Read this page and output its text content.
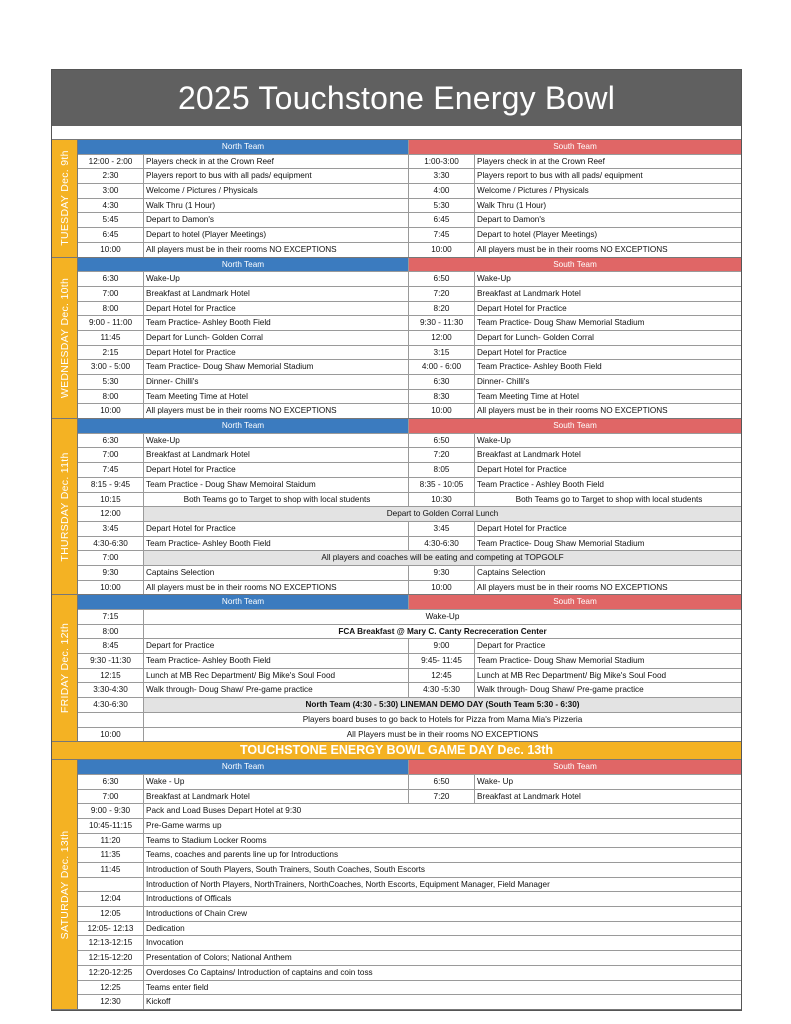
2025 Touchstone Energy Bowl
TUESDAY Dec. 9th
North Team	South Team
12:00 - 2:00	Players check in at the Crown Reef	1:00-3:00	Players check in at the Crown Reef
2:30	Players report to bus with all pads/ equipment	3:30	Players report to bus with all pads/ equipment
3:00	Welcome / Pictures / Physicals	4:00	Welcome / Pictures / Physicals
4:30	Walk Thru (1 Hour)	5:30	Walk Thru (1 Hour)
5:45	Depart to Damon's	6:45	Depart to Damon's
6:45	Depart to hotel (Player Meetings)	7:45	Depart to hotel (Player Meetings)
10:00	All players must be in their rooms NO EXCEPTIONS	10:00	All players must be in their rooms NO EXCEPTIONS
WEDNESDAY Dec. 10th
North Team	South Team
6:30	Wake-Up	6:50	Wake-Up
7:00	Breakfast at Landmark Hotel	7:20	Breakfast at Landmark Hotel
8:00	Depart Hotel for Practice	8:20	Depart Hotel for Practice
9:00 - 11:00	Team Practice- Ashley Booth Field	9:30 - 11:30	Team Practice- Doug Shaw Memorial Stadium
11:45	Depart for Lunch- Golden Corral	12:00	Depart for Lunch- Golden Corral
2:15	Depart Hotel for Practice	3:15	Depart Hotel for Practice
3:00 - 5:00	Team Practice- Doug Shaw Memorial Stadium	4:00 - 6:00	Team Practice- Ashley Booth Field
5:30	Dinner- Chilli's	6:30	Dinner- Chilli's
8:00	Team Meeting Time at Hotel	8:30	Team Meeting Time at Hotel
10:00	All players must be in their rooms NO EXCEPTIONS	10:00	All players must be in their rooms NO EXCEPTIONS
THURSDAY Dec. 11th
North Team	South Team
6:30	Wake-Up	6:50	Wake-Up
7:00	Breakfast at Landmark Hotel	7:20	Breakfast at Landmark Hotel
7:45	Depart Hotel for Practice	8:05	Depart Hotel for Practice
8:15 - 9:45	Team Practice - Doug Shaw Memoiral Staidum	8:35 - 10:05	Team Practice - Ashley Booth Field
10:15	Both Teams go to Target to shop with local students	10:30	Both Teams go to Target to shop with local students
12:00	Depart to Golden Corral Lunch
3:45	Depart Hotel for Practice	3:45	Depart Hotel for Practice
4:30-6:30	Team Practice- Ashley Booth Field	4:30-6:30	Team Practice- Doug Shaw Memorial Stadium
7:00	All players and coaches will be eating and competing at TOPGOLF
9:30	Captains Selection	9:30	Captains Selection
10:00	All players must be in their rooms NO EXCEPTIONS	10:00	All players must be in their rooms NO EXCEPTIONS
FRIDAY Dec. 12th
North Team	South Team
7:15	Wake-Up
8:00	FCA Breakfast @ Mary C. Canty Recreceration Center
8:45	Depart for Practice	9:00	Depart for Practice
9:30 -11:30	Team Practice- Ashley Booth Field	9:45- 11:45	Team Practice- Doug Shaw Memorial Stadium
12:15	Lunch at MB Rec Department/ Big Mike's Soul Food	12:45	Lunch at MB Rec Department/ Big Mike's Soul Food
3:30-4:30	Walk through- Doug Shaw/ Pre-game practice	4:30 -5:30	Walk through- Doug Shaw/ Pre-game practice
4:30-6:30	North Team (4:30 - 5:30) LINEMAN DEMO DAY (South Team 5:30 - 6:30)
Players board buses to go back to Hotels for Pizza from Mama Mia's Pizzeria
10:00	All Players must be in their rooms NO EXCEPTIONS
TOUCHSTONE ENERGY BOWL GAME DAY Dec. 13th
SATURDAY Dec. 13th
North Team	South Team
6:30	Wake - Up	6:50	Wake- Up
7:00	Breakfast at Landmark Hotel	7:20	Breakfast at Landmark Hotel
9:00 - 9:30	Pack and Load Buses Depart Hotel at 9:30
10:45-11:15	Pre-Game warms up
11:20	Teams to Stadium Locker Rooms
11:35	Teams, coaches and parents line up for Introductions
11:45	Introduction of South Players, South Trainers, South Coaches, South Escorts
Introduction of North Players, NorthTrainers, NorthCoaches, North Escorts, Equipment Manager, Field Manager
12:04	Introductions of Officals
12:05	Introductions of Chain Crew
12:05- 12:13	Dedication
12:13-12:15	Invocation
12:15-12:20	Presentation of Colors; National Anthem
12:20-12:25	Overdoses Co Captains/ Introduction of captains and coin toss
12:25	Teams enter field
12:30	Kickoff
